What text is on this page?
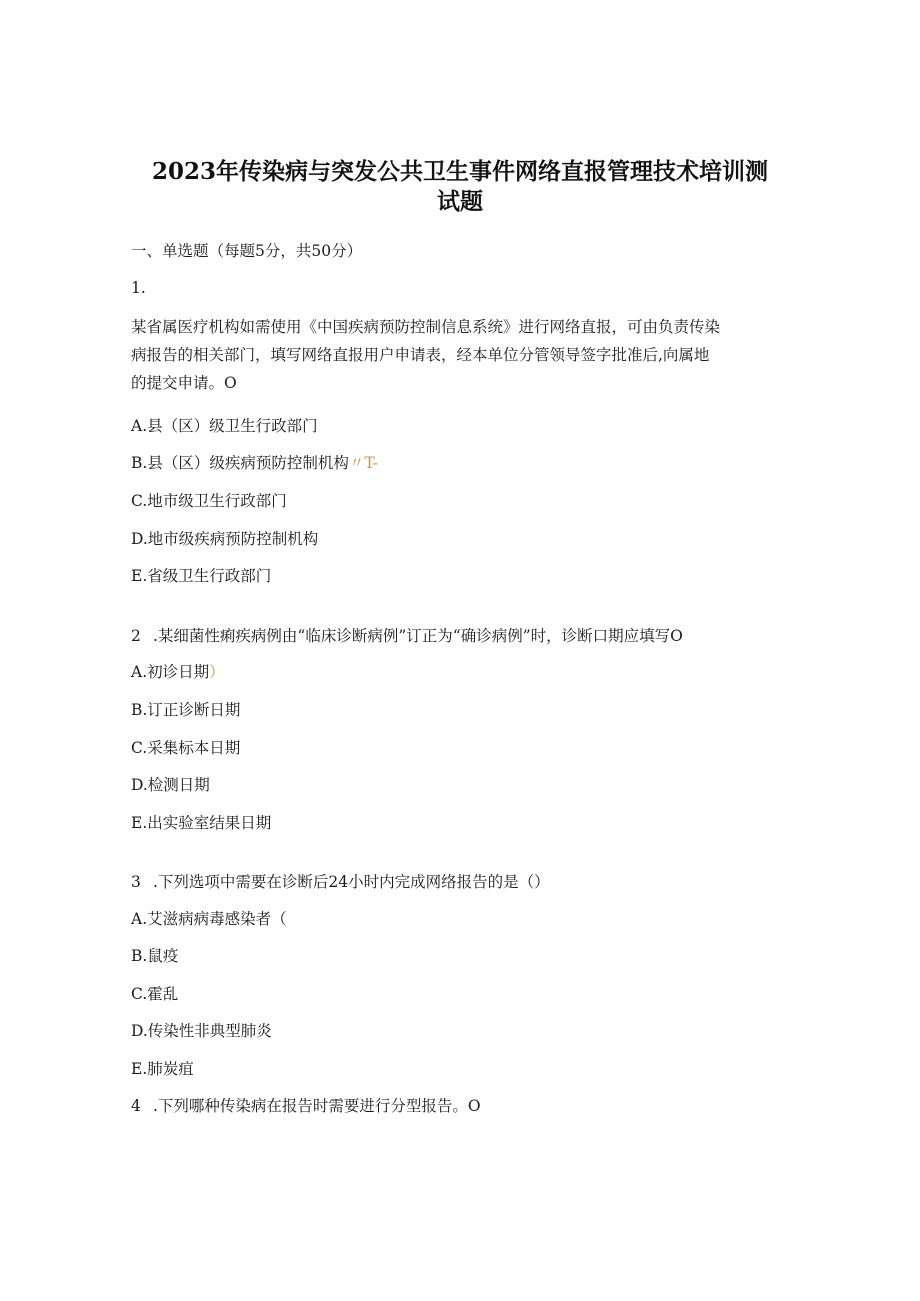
2023年传染病与突发公共卫生事件网络直报管理技术培训测
试题
一、单选题（每题5分，共50分）
1.
某省属医疗机构如需使用《中国疾病预防控制信息系统》进行网络直报，可由负责传染
病报告的相关部门，填写网络直报用户申请表，经本单位分管领导签字批准后,向属地
的提交申请。O
A.县（区）级卫生行政部门
B.县（区）级疾病预防控制机构〃T-
C.地市级卫生行政部门
D.地市级疾病预防控制机构
E.省级卫生行政部门
2 .某细菌性痢疾病例由“临床诊断病例”订正为“确诊病例”时，诊断口期应填写O
A.初诊日期）
B.订正诊断日期
C.采集标本日期
D.检测日期
E.出实验室结果日期
3 .下列选项中需要在诊断后24小时内完成网络报告的是（）
A.艾滋病病毒感染者（
B.鼠疫
C.霍乱
D.传染性非典型肺炎
E.肺炭疽
4 .下列哪种传染病在报告时需要进行分型报告。O
